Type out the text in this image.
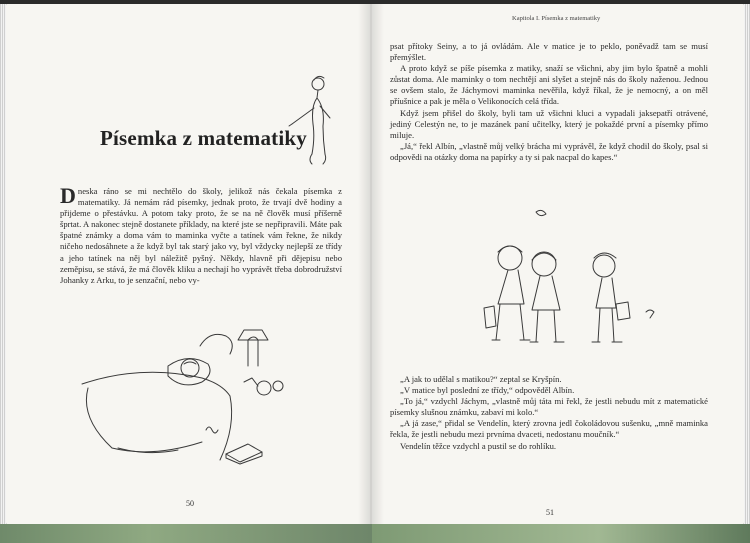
Písemka z matematiky

Dneska ráno se mi nechtělo do školy, jelikož nás čekala písemka z matematiky. Já nemám rád písemky, jednak proto, že trvají dvě hodiny a přijdeme o přestávku. A potom taky proto, že se na ně člověk musí příšerně šprtat. A nakonec stejně dostanete příklady, na které jste se nepřipravili. Máte pak špatné známky a doma vám to maminka vyčte a tatínek vám řekne, že nikdy ničeho nedosáhnete a že když byl tak starý jako vy, byl vždycky nejlepší ze třídy a jeho tatínek na něj byl náležitě pyšný. Někdy, hlavně při dějepisu nebo zeměpisu, se stává, že má člověk kliku a nechají ho vyprávět třeba dobrodružství Johanky z Arku, to je senzační, nebo vy-

50
Kapitola I. Písemka z matematiky

psat přítoky Seiny, a to já ovládám. Ale v matice je to peklo, poněvadž tam se musí přemýšlet.

A proto když se píše písemka z matiky, snaží se všichni, aby jim bylo špatně a mohli zůstat doma. Ale maminky o tom nechtějí ani slyšet a stejně nás do školy naženou. Jednou se ovšem stalo, že Jáchymovi maminka nevěřila, když říkal, že je nemocný, a on měl příušnice a pak je měla o Velikonocích celá třída.

Když jsem přišel do školy, byli tam už všichni kluci a vypadali jaksepatří otrávené, jediný Celestýn ne, to je mazánek paní učitelky, který je pokaždé první a písemky přímo miluje.

„Já,“ řekl Albín, „vlastně můj velký brácha mi vyprávěl, že když chodil do školy, psal si odpovědi na otázky doma na papírky a ty si pak nacpal do kapes.“

„A jak to udělal s matikou?“ zeptal se Kryšpín.

„V matice byl poslední ze třídy,“ odpověděl Albín.

„To já,“ vzdychl Jáchym, „vlastně můj táta mi řekl, že jestli nebudu mít z matematické písemky slušnou známku, zabaví mi kolo.“

„A já zase,“ přidal se Vendelín, který zrovna jedl čokoládovou sušenku, „mně maminka řekla, že jestli nebudu mezi prvníma dvaceti, nedostanu moučník.“

Vendelín těžce vzdychl a pustil se do rohlíku.

51
